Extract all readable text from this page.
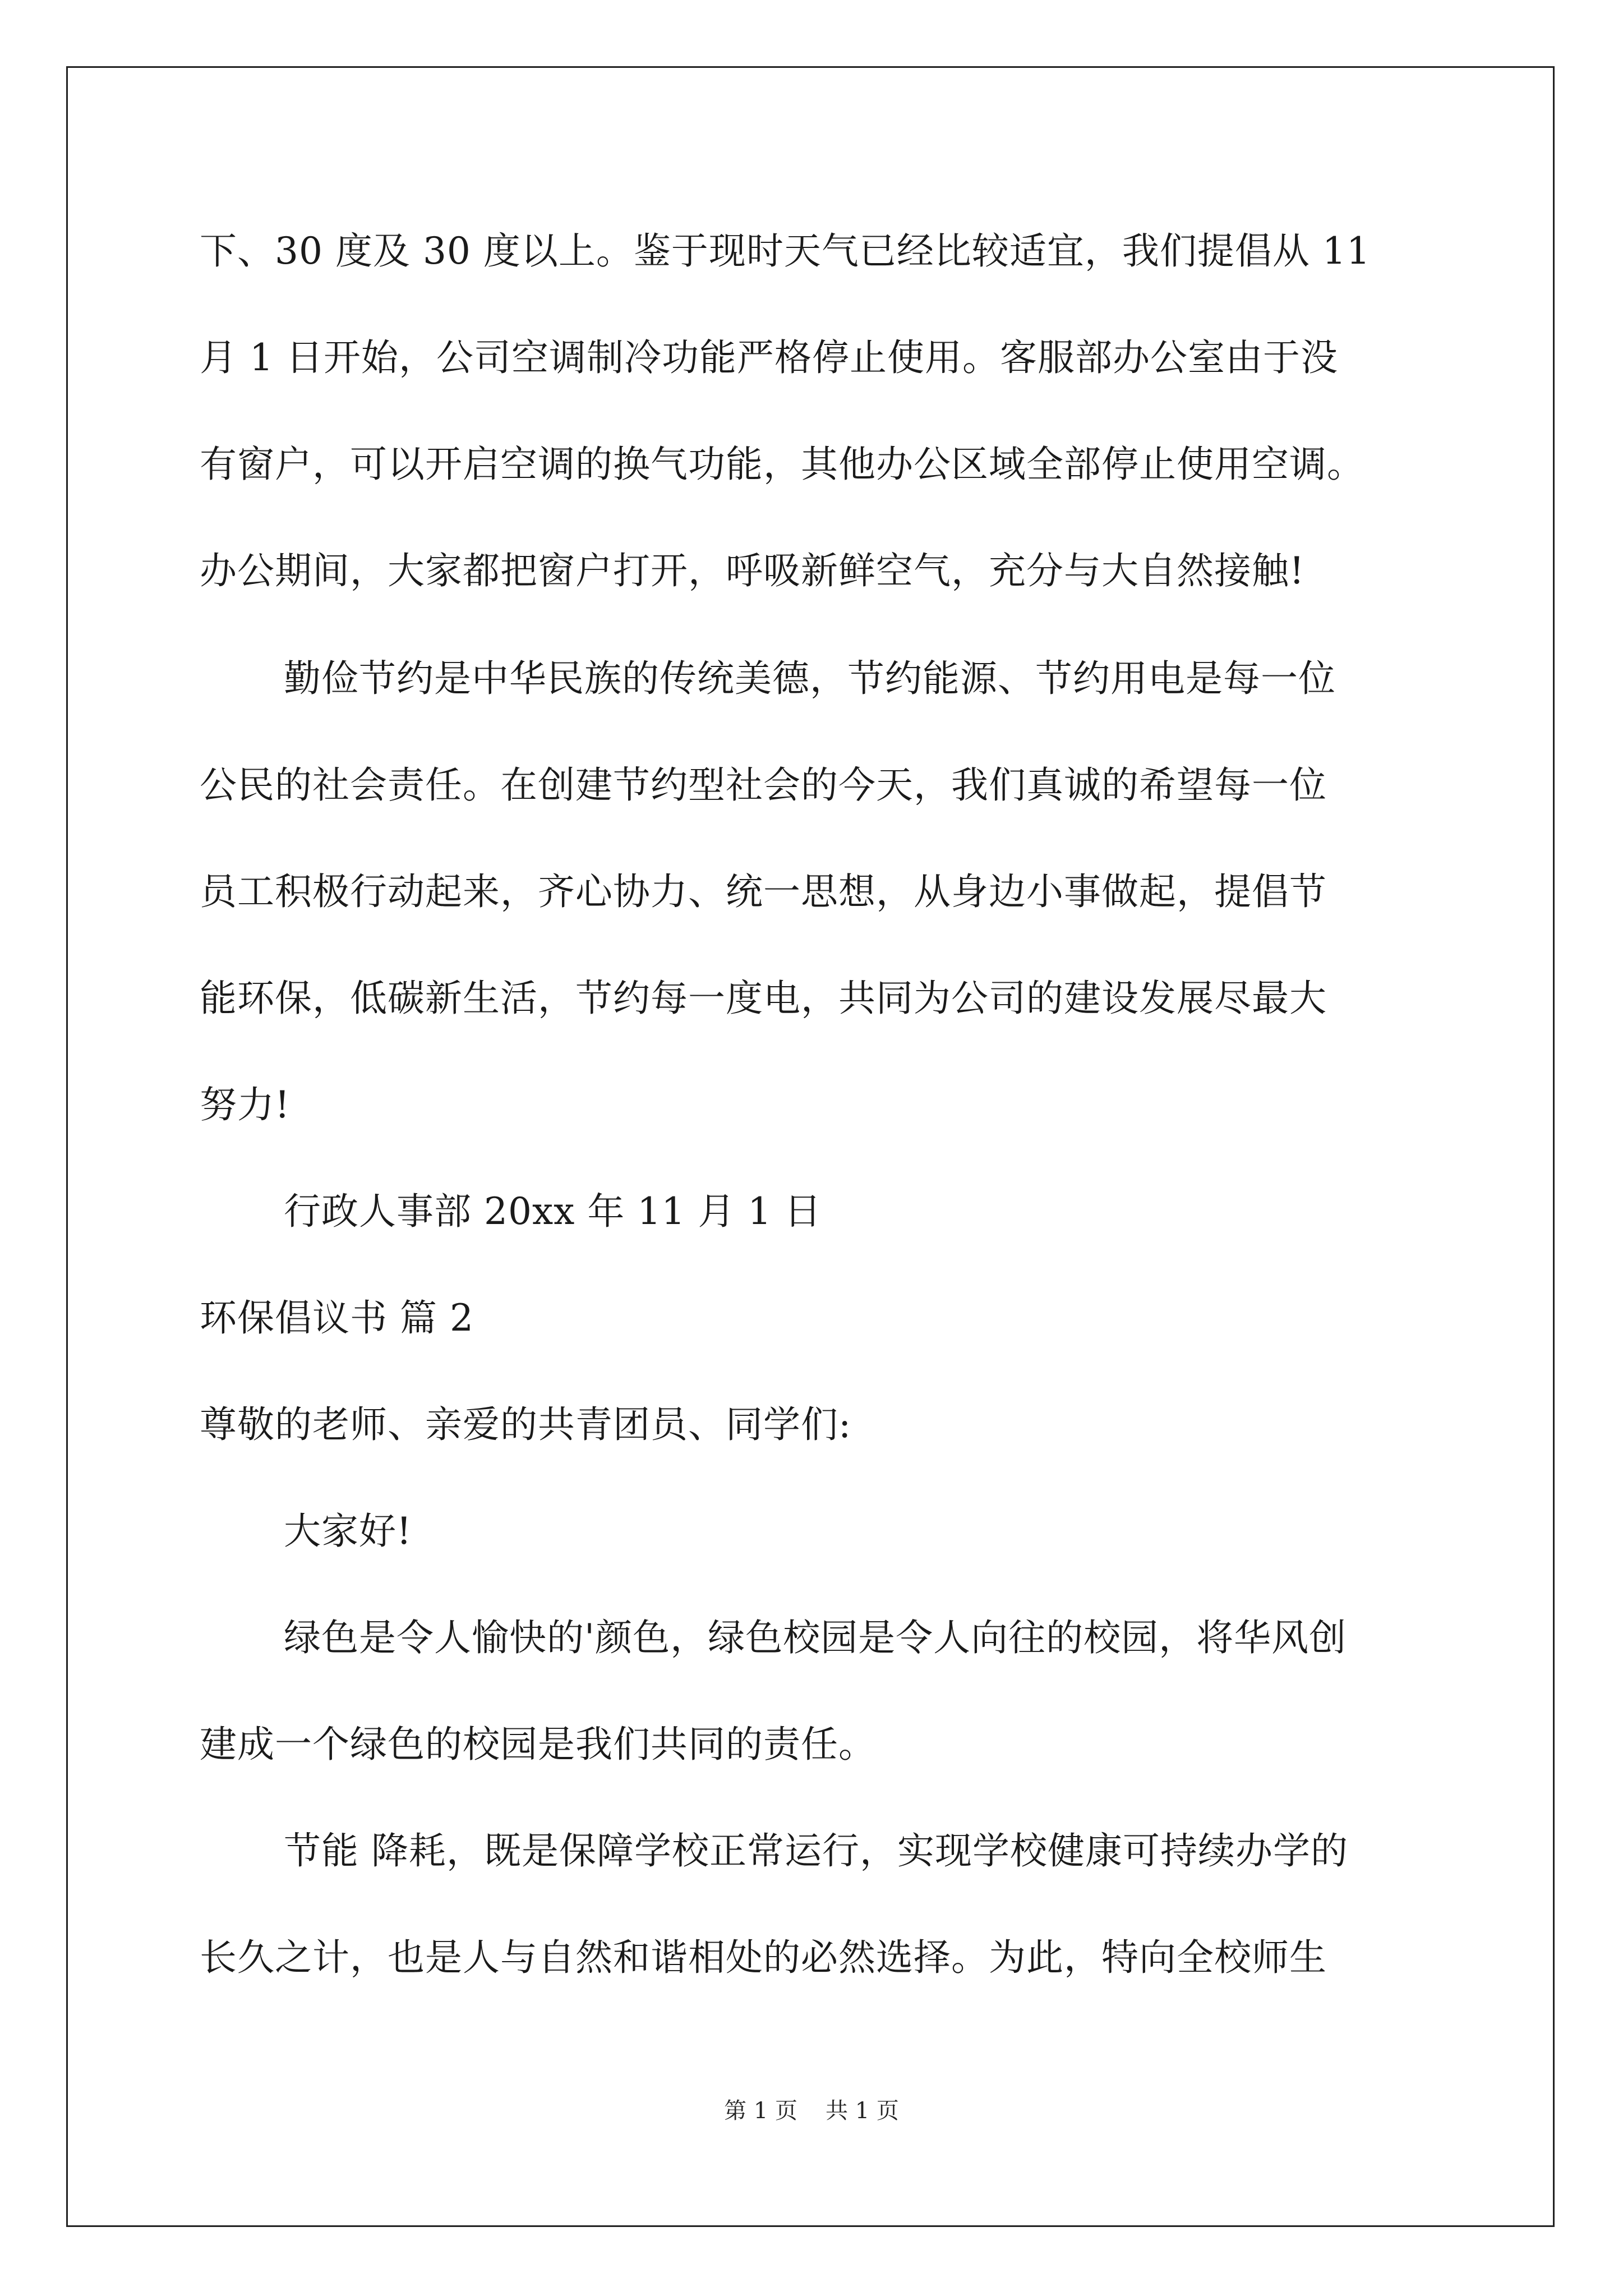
下、30 度及 30 度以上。鉴于现时天气已经比较适宜，我们提倡从 11
月 1 日开始，公司空调制冷功能严格停止使用。客服部办公室由于没
有窗户，可以开启空调的换气功能，其他办公区域全部停止使用空调。
办公期间，大家都把窗户打开，呼吸新鲜空气，充分与大自然接触!
勤俭节约是中华民族的传统美德，节约能源、节约用电是每一位
公民的社会责任。在创建节约型社会的今天，我们真诚的希望每一位
员工积极行动起来，齐心协力、统一思想，从身边小事做起，提倡节
能环保，低碳新生活，节约每一度电，共同为公司的建设发展尽最大
努力!
行政人事部 20xx 年 11 月 1 日
环保倡议书 篇 2
尊敬的老师、亲爱的共青团员、同学们:
大家好!
绿色是令人愉快的'颜色，绿色校园是令人向往的校园，将华风创
建成一个绿色的校园是我们共同的责任。
节能 降耗，既是保障学校正常运行，实现学校健康可持续办学的
长久之计，也是人与自然和谐相处的必然选择。为此，特向全校师生
第 1 页 共 1 页
